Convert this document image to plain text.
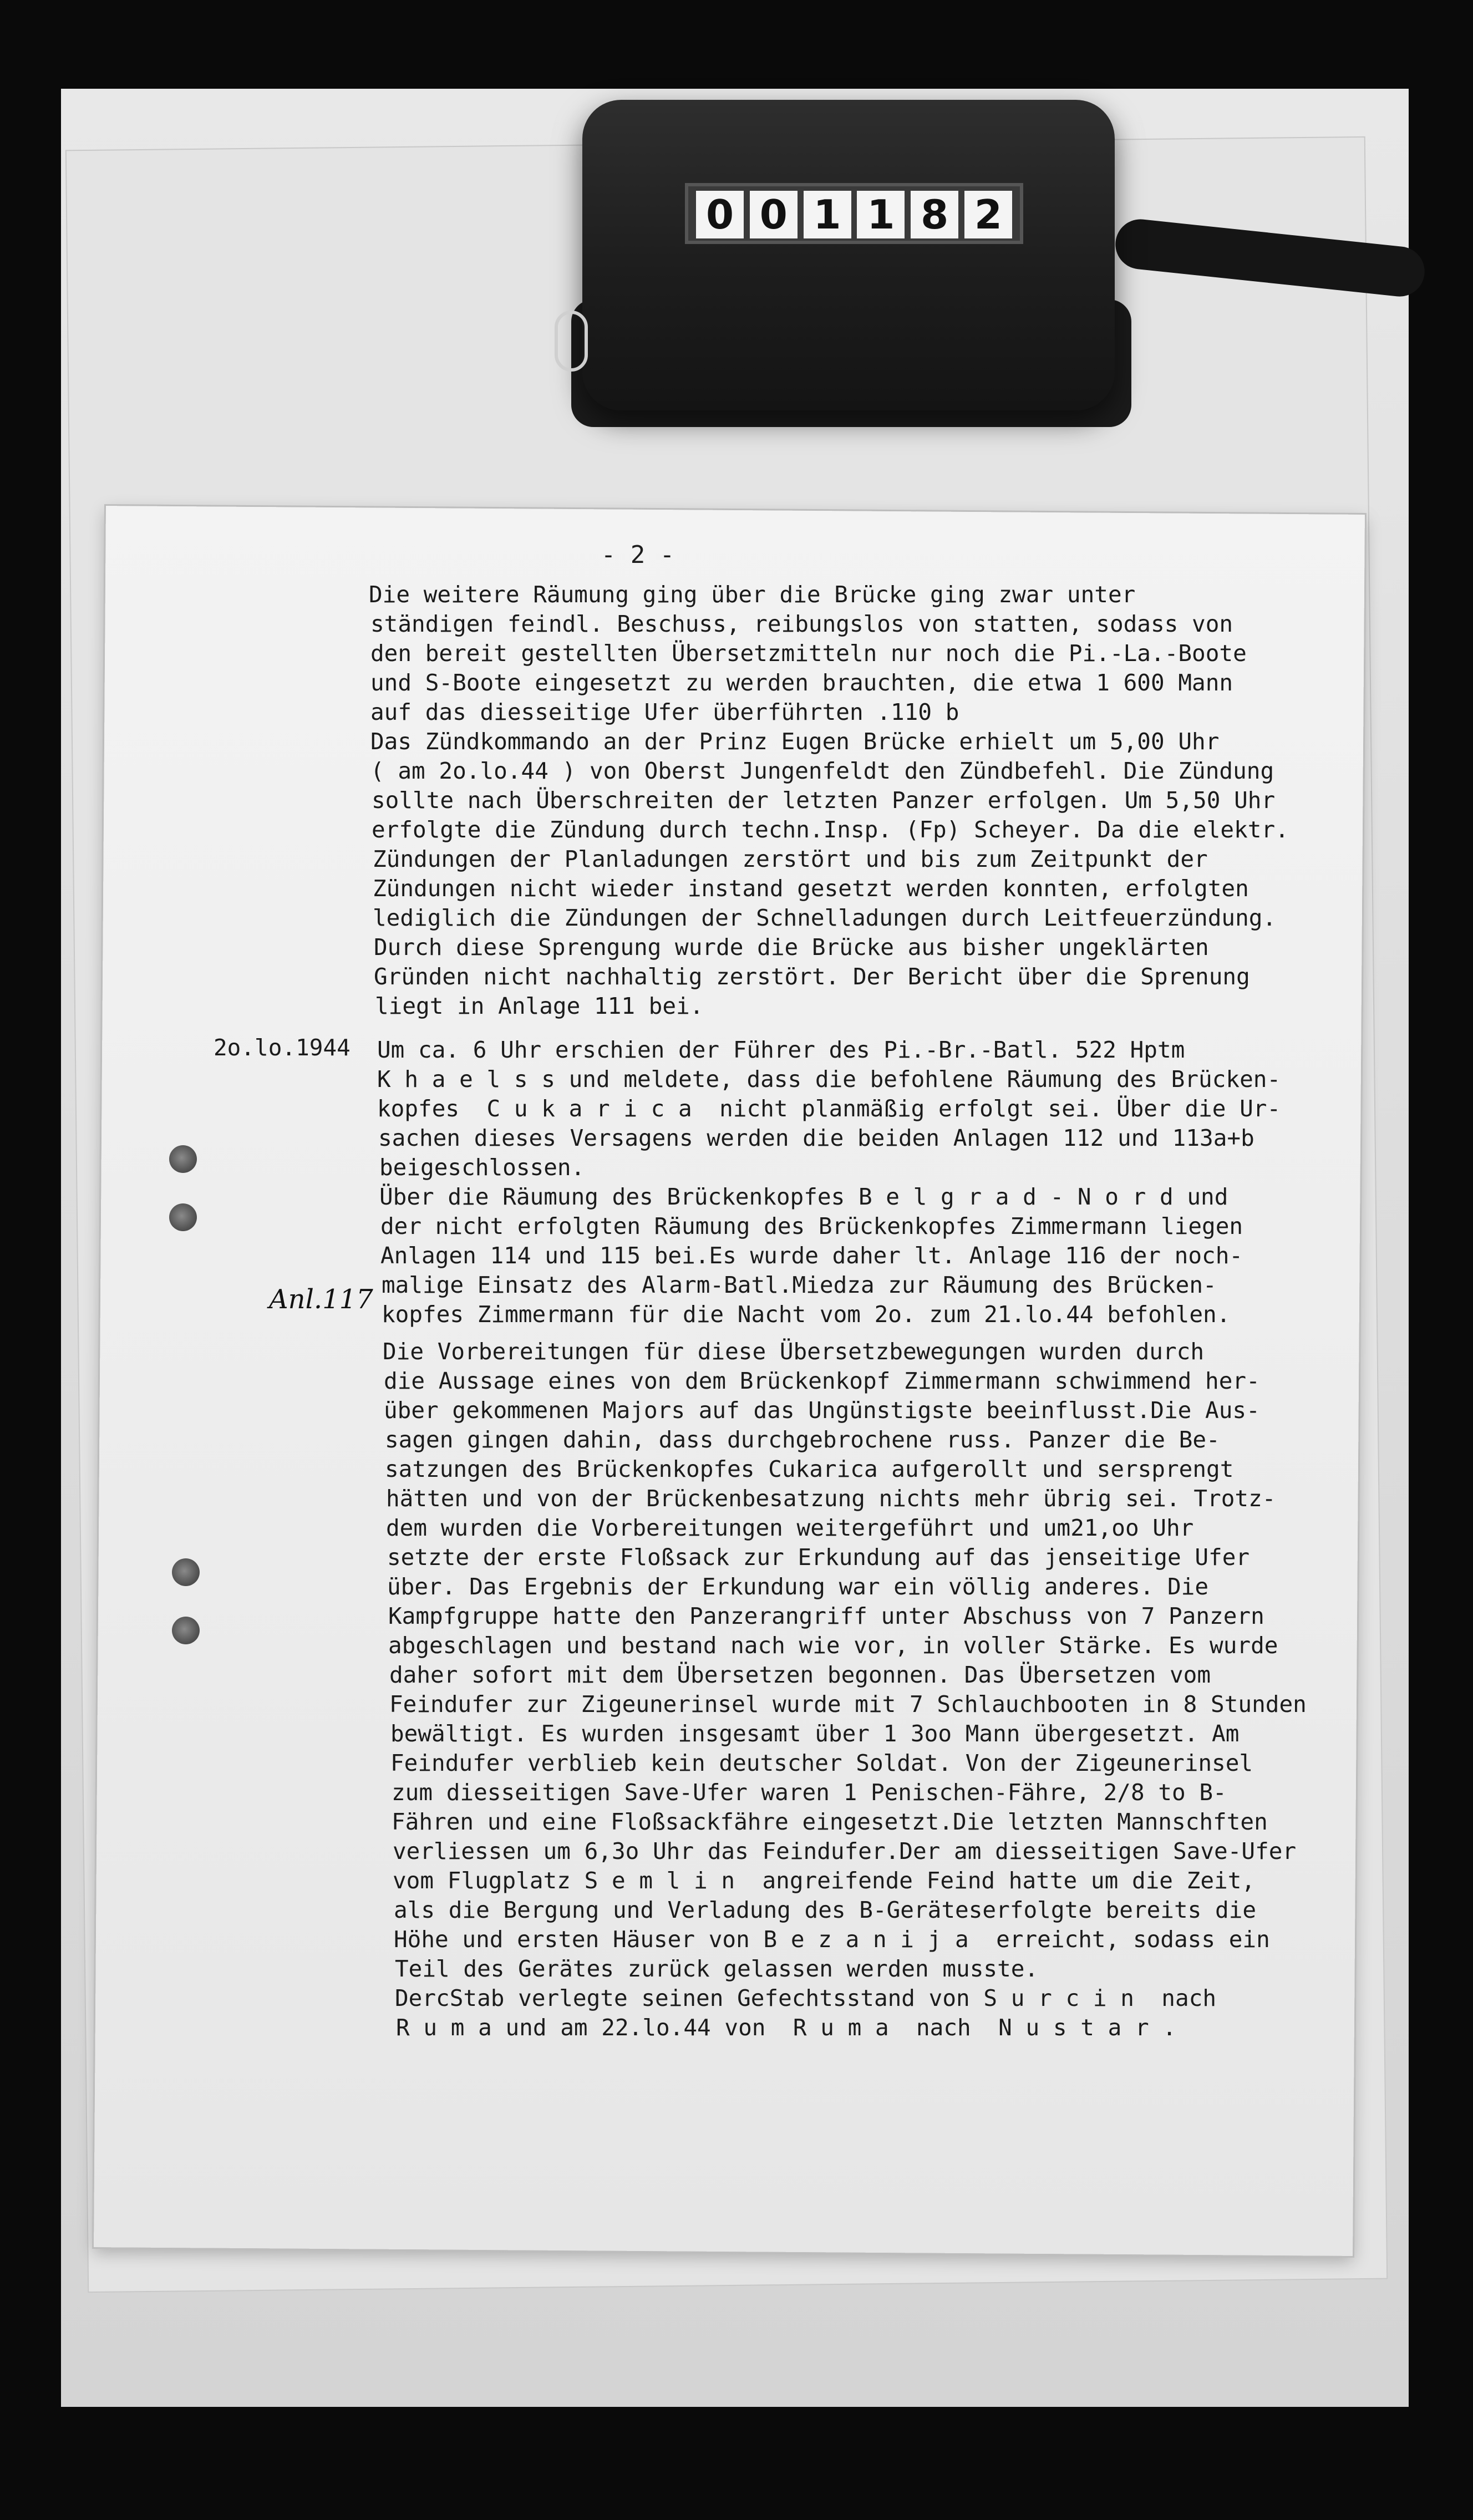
0 0 1 1 8 2
- 2 -
2o.lo.1944
Anl.117
Die weitere Räumung ging über die Brücke ging zwar unter
ständigen feindl. Beschuss, reibungslos von statten, sodass von
den bereit gestellten Übersetzmitteln nur noch die Pi.-La.-Boote
und S-Boote eingesetzt zu werden brauchten, die etwa 1 600 Mann
auf das diesseitige Ufer überführten .110 b
Das Zündkommando an der Prinz Eugen Brücke erhielt um 5,00 Uhr
( am 2o.lo.44 ) von Oberst Jungenfeldt den Zündbefehl. Die Zündung
sollte nach Überschreiten der letzten Panzer erfolgen. Um 5,50 Uhr
erfolgte die Zündung durch techn.Insp. (Fp) Scheyer. Da die elektr.
Zündungen der Planladungen zerstört und bis zum Zeitpunkt der
Zündungen nicht wieder instand gesetzt werden konnten, erfolgten
lediglich die Zündungen der Schnelladungen durch Leitfeuerzündung.
Durch diese Sprengung wurde die Brücke aus bisher ungeklärten
Gründen nicht nachhaltig zerstört. Der Bericht über die Sprenung
liegt in Anlage 111 bei.
Um ca. 6 Uhr erschien der Führer des Pi.-Br.-Batl. 522 Hptm
K h a e l s s und meldete, dass die befohlene Räumung des Brücken-
kopfes  C u k a r i c a  nicht planmäßig erfolgt sei. Über die Ur-
sachen dieses Versagens werden die beiden Anlagen 112 und 113a+b
beigeschlossen.
Über die Räumung des Brückenkopfes B e l g r a d - N o r d und
der nicht erfolgten Räumung des Brückenkopfes Zimmermann liegen
Anlagen 114 und 115 bei.Es wurde daher lt. Anlage 116 der noch-
malige Einsatz des Alarm-Batl.Miedza zur Räumung des Brücken-
kopfes Zimmermann für die Nacht vom 2o. zum 21.lo.44 befohlen.
Die Vorbereitungen für diese Übersetzbewegungen wurden durch
die Aussage eines von dem Brückenkopf Zimmermann schwimmend her-
über gekommenen Majors auf das Ungünstigste beeinflusst.Die Aus-
sagen gingen dahin, dass durchgebrochene russ. Panzer die Be-
satzungen des Brückenkopfes Cukarica aufgerollt und sersprengt
hätten und von der Brückenbesatzung nichts mehr übrig sei. Trotz-
dem wurden die Vorbereitungen weitergeführt und um21,oo Uhr
setzte der erste Floßsack zur Erkundung auf das jenseitige Ufer
über. Das Ergebnis der Erkundung war ein völlig anderes. Die
Kampfgruppe hatte den Panzerangriff unter Abschuss von 7 Panzern
abgeschlagen und bestand nach wie vor, in voller Stärke. Es wurde
daher sofort mit dem Übersetzen begonnen. Das Übersetzen vom
Feindufer zur Zigeunerinsel wurde mit 7 Schlauchbooten in 8 Stunden
bewältigt. Es wurden insgesamt über 1 3oo Mann übergesetzt. Am
Feindufer verblieb kein deutscher Soldat. Von der Zigeunerinsel
zum diesseitigen Save-Ufer waren 1 Penischen-Fähre, 2/8 to B-
Fähren und eine Floßsackfähre eingesetzt.Die letzten Mannschften
verliessen um 6,3o Uhr das Feindufer.Der am diesseitigen Save-Ufer
vom Flugplatz S e m l i n  angreifende Feind hatte um die Zeit,
als die Bergung und Verladung des B-Geräteserfolgte bereits die
Höhe und ersten Häuser von B e z a n i j a  erreicht, sodass ein
Teil des Gerätes zurück gelassen werden musste.
DercStab verlegte seinen Gefechtsstand von S u r c i n  nach
R u m a und am 22.lo.44 von  R u m a  nach  N u s t a r .
